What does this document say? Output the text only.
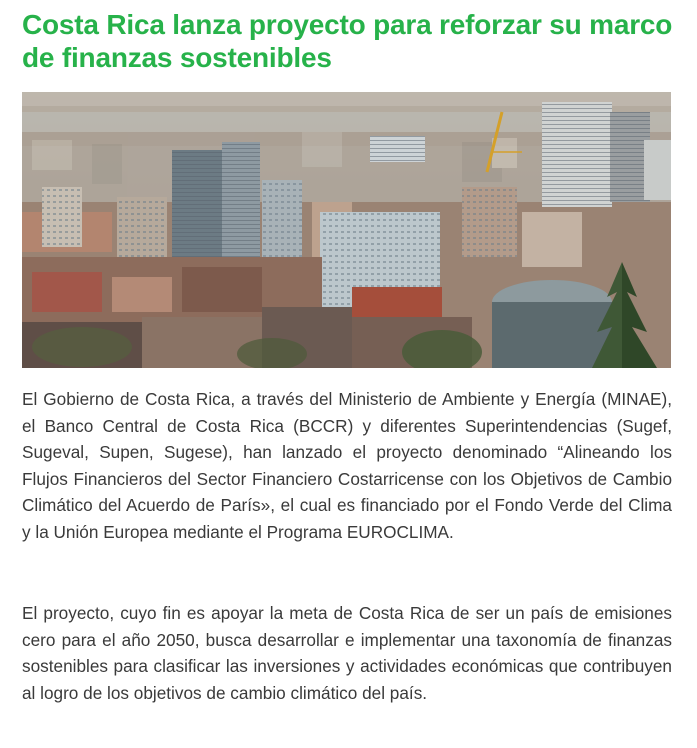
Costa Rica lanza proyecto para reforzar su marco de finanzas sostenibles

El Gobierno de Costa Rica, a través del Ministerio de Ambiente y Energía (MINAE), el Banco Central de Costa Rica (BCCR) y diferentes Superintendencias (Sugef, Sugeval, Supen, Sugese), han lanzado el proyecto denominado “Alineando los Flujos Financieros del Sector Financiero Costarricense con los Objetivos de Cambio Climático del Acuerdo de París», el cual es financiado por el Fondo Verde del Clima y la Unión Europea mediante el Programa EUROCLIMA.

El proyecto, cuyo fin es apoyar la meta de Costa Rica de ser un país de emisiones cero para el año 2050, busca desarrollar e implementar una taxonomía de finanzas sostenibles para clasificar las inversiones y actividades económicas que contribuyen al logro de los objetivos de cambio climático del país.
